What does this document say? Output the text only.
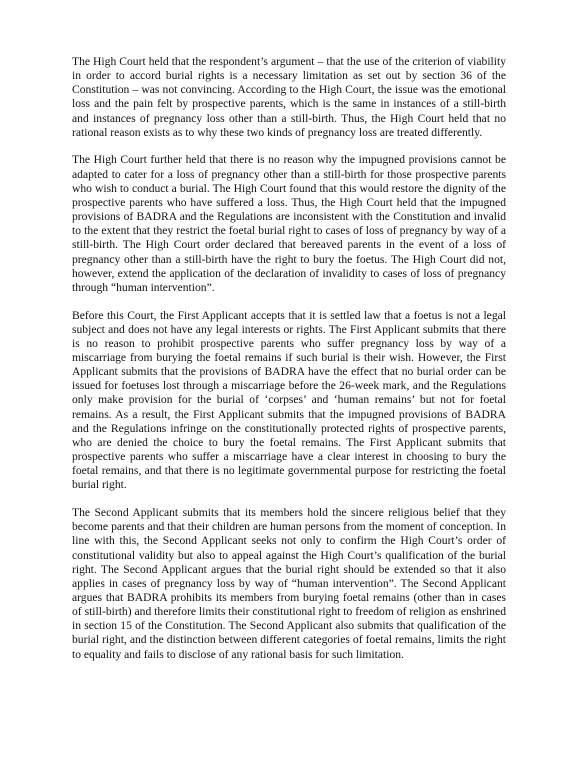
The High Court held that the respondent’s argument – that the use of the criterion of viability in order to accord burial rights is a necessary limitation as set out by section 36 of the Constitution – was not convincing. According to the High Court, the issue was the emotional loss and the pain felt by prospective parents, which is the same in instances of a still-birth and instances of pregnancy loss other than a still-birth. Thus, the High Court held that no rational reason exists as to why these two kinds of pregnancy loss are treated differently.

The High Court further held that there is no reason why the impugned provisions cannot be adapted to cater for a loss of pregnancy other than a still-birth for those prospective parents who wish to conduct a burial. The High Court found that this would restore the dignity of the prospective parents who have suffered a loss. Thus, the High Court held that the impugned provisions of BADRA and the Regulations are inconsistent with the Constitution and invalid to the extent that they restrict the foetal burial right to cases of loss of pregnancy by way of a still-birth. The High Court order declared that bereaved parents in the event of a loss of pregnancy other than a still-birth have the right to bury the foetus. The High Court did not, however, extend the application of the declaration of invalidity to cases of loss of pregnancy through “human intervention”.

Before this Court, the First Applicant accepts that it is settled law that a foetus is not a legal subject and does not have any legal interests or rights. The First Applicant submits that there is no reason to prohibit prospective parents who suffer pregnancy loss by way of a miscarriage from burying the foetal remains if such burial is their wish. However, the First Applicant submits that the provisions of BADRA have the effect that no burial order can be issued for foetuses lost through a miscarriage before the 26-week mark, and the Regulations only make provision for the burial of ‘corpses’ and ‘human remains’ but not for foetal remains. As a result, the First Applicant submits that the impugned provisions of BADRA and the Regulations infringe on the constitutionally protected rights of prospective parents, who are denied the choice to bury the foetal remains. The First Applicant submits that prospective parents who suffer a miscarriage have a clear interest in choosing to bury the foetal remains, and that there is no legitimate governmental purpose for restricting the foetal burial right.

The Second Applicant submits that its members hold the sincere religious belief that they become parents and that their children are human persons from the moment of conception. In line with this, the Second Applicant seeks not only to confirm the High Court’s order of constitutional validity but also to appeal against the High Court’s qualification of the burial right. The Second Applicant argues that the burial right should be extended so that it also applies in cases of pregnancy loss by way of “human intervention”. The Second Applicant argues that BADRA prohibits its members from burying foetal remains (other than in cases of still-birth) and therefore limits their constitutional right to freedom of religion as enshrined in section 15 of the Constitution. The Second Applicant also submits that qualification of the burial right, and the distinction between different categories of foetal remains, limits the right to equality and fails to disclose of any rational basis for such limitation.
